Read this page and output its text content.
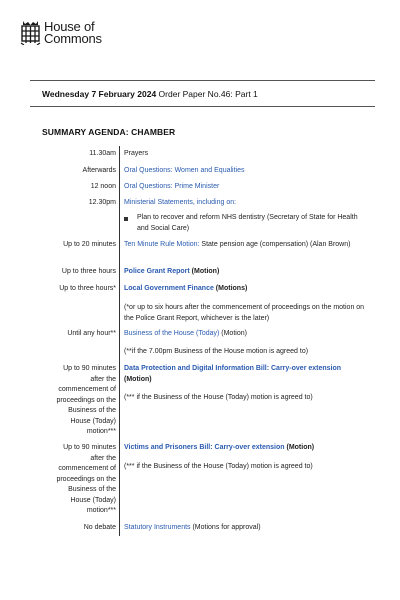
House of
Commons
Wednesday 7 February 2024 Order Paper No.46: Part 1
SUMMARY AGENDA: CHAMBER
11.30am Prayers
Afterwards Oral Questions: Women and Equalities
12 noon Oral Questions: Prime Minister
12.30pm Ministerial Statements, including on:
Plan to recover and reform NHS dentistry (Secretary of State for Health and Social Care)
Up to 20 minutes Ten Minute Rule Motion: State pension age (compensation) (Alan Brown)
Up to three hours Police Grant Report (Motion)
Up to three hours* Local Government Finance (Motions)
(*or up to six hours after the commencement of proceedings on the motion on the Police Grant Report, whichever is the later)
Until any hour** Business of the House (Today) (Motion)
(**if the 7.00pm Business of the House motion is agreed to)
Up to 90 minutes after the commencement of proceedings on the Business of the House (Today) motion***
Data Protection and Digital Information Bill: Carry-over extension (Motion)
(*** if the Business of the House (Today) motion is agreed to)
Up to 90 minutes after the commencement of proceedings on the Business of the House (Today) motion***
Victims and Prisoners Bill: Carry-over extension (Motion)
(*** if the Business of the House (Today) motion is agreed to)
No debate Statutory Instruments (Motions for approval)
